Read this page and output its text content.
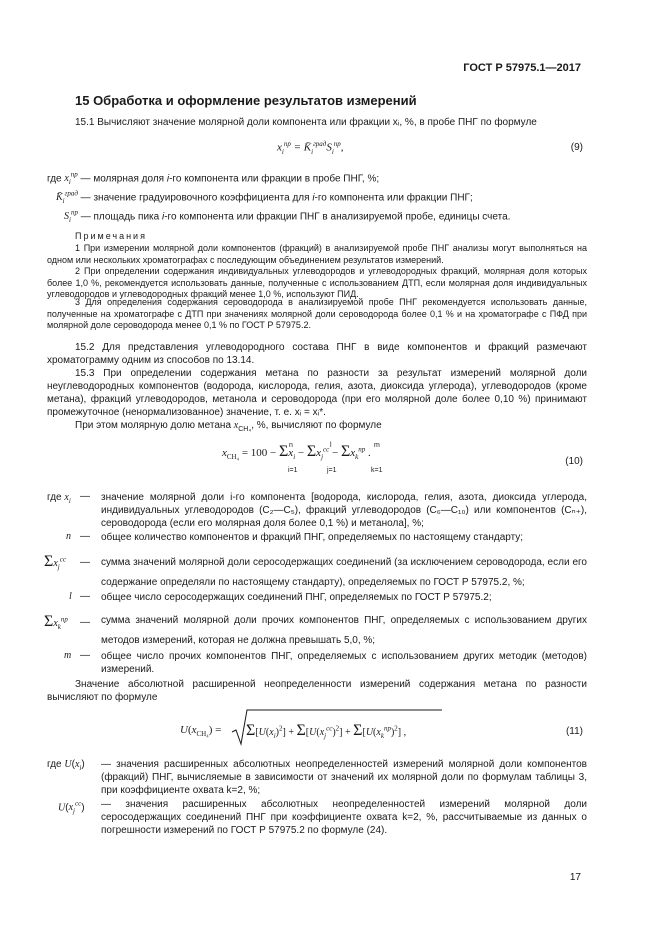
ГОСТ Р 57975.1—2017
15 Обработка и оформление результатов измерений
15.1 Вычисляют значение молярной доли компонента или фракции xᵢ, %, в пробе ПНГ по формуле
$x_i^{пр}$ = $K̄_i^{град}S_i^{пр}$,	(9)
где $x_i^{пр}$ — молярная доля i-го компонента или фракции в пробе ПНГ, %;
$K̄_i^{град}$ — значение градуировочного коэффициента для i-го компонента или фракции ПНГ;
$S_i^{пр}$ — площадь пика i-го компонента или фракции ПНГ в анализируемой пробе, единицы счета.
Примечания
1 При измерении молярной доли компонентов (фракций) в анализируемой пробе ПНГ анализы могут выполняться на одном или нескольких хроматографах с последующим объединением результатов измерений.
2 При определении содержания индивидуальных углеводородов и углеводородных фракций, молярная доля которых более 1,0 %, рекомендуется использовать данные, полученные с использованием ДТП, если молярная доля индивидуальных углеводородов и углеводородных фракций менее 1,0 %, используют ПИД.
3 Для определения содержания сероводорода в анализируемой пробе ПНГ рекомендуется использовать данные, полученные на хроматографе с ДТП при значениях молярной доли сероводорода более 0,1 % и на хроматографе с ПФД при молярной доле сероводорода менее 0,1 % по ГОСТ Р 57975.2.
15.2 Для представления углеводородного состава ПНГ в виде компонентов и фракций размечают хроматограмму одним из способов по 13.14.
15.3 При определении содержания метана по разности за результат измерений молярной доли неуглеводородных компонентов (водорода, кислорода, гелия, азота, диоксида углерода), углеводородов (кроме метана), фракций углеводородов, метанола и сероводорода (при его молярной доле более 0,10 %) принимают промежуточное (ненормализованное) значение, т. е. xᵢ = xᵢ*.
При этом молярную долю метана $x_{CH_4}$, %, вычисляют по формуле
$x_{CH_4} = 100 - \Sigma x_i - \Sigma x_j^{cc} - \Sigma x_k^{пр}$ .
n
i=1
l
j=1
m
k=1
(10)
где $x_i$ — значение молярной доли i-го компонента [водорода, кислорода, гелия, азота, диоксида углерода, индивидуальных углеводородов (C₂—C₅), фракций углеводородов (C₆—C₁₀) или компонентов (Cₙ₊), сероводорода (если его молярная доля более 0,1 %) и метанола], %;
n — общее количество компонентов и фракций ПНГ, определяемых по настоящему стандарту;
$\Sigma x_j^{cc}$ — сумма значений молярной доли серосодержащих соединений (за исключением сероводорода, если его содержание определяли по настоящему стандарту), определяемых по ГОСТ Р 57975.2, %;
l — общее число серосодержащих соединений ПНГ, определяемых по ГОСТ Р 57975.2;
$\Sigma x_k^{пр}$ — сумма значений молярной доли прочих компонентов ПНГ, определяемых с использованием других методов измерений, которая не должна превышать 5,0, %;
m — общее число прочих компонентов ПНГ, определяемых с использованием других методик (методов) измерений.
Значение абсолютной расширенной неопределенности измерений содержания метана по разности вычисляют по формуле
$U(x_{CH_4}) = \Sigma[U(x_i)^2] + \Sigma[U(x_j^{cc})^2] + \Sigma[U(x_k^{пр})^2]$ ,	(11)
где $U(x_i)$ — значения расширенных абсолютных неопределенностей измерений молярной доли компонентов (фракций) ПНГ, вычисляемые в зависимости от значений их молярной доли по формулам таблицы 3, при коэффициенте охвата k=2, %;
$U(x_j^{cc})$ — значения расширенных абсолютных неопределенностей измерений молярной доли серосодержащих соединений ПНГ при коэффициенте охвата k=2, %, рассчитываемые из данных о погрешности измерений по ГОСТ Р 57975.2 по формуле (24).
17
